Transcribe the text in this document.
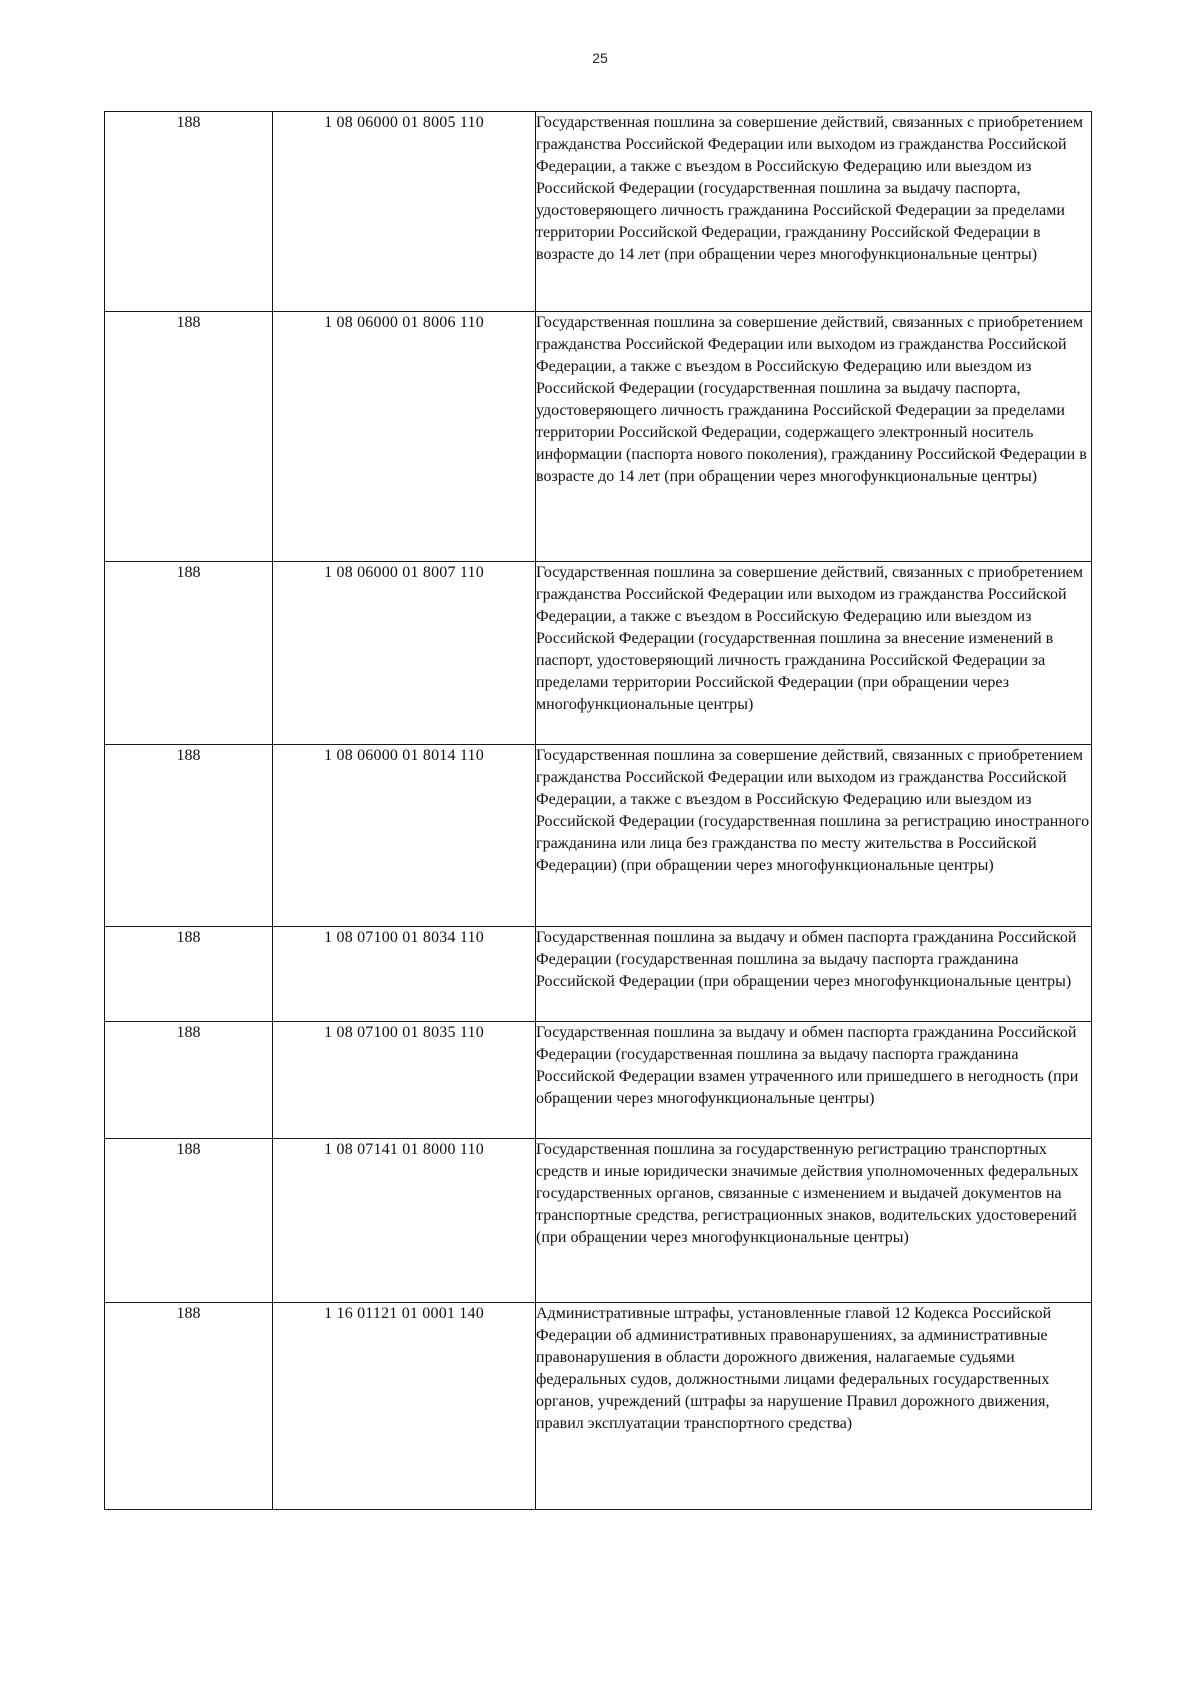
25
188	1 08 06000 01 8005 110	Государственная пошлина за совершение действий, связанных с приобретением гражданства Российской Федерации или выходом из гражданства Российской Федерации, а также с въездом в Российскую Федерацию или выездом из Российской Федерации (государственная пошлина за выдачу паспорта, удостоверяющего личность гражданина Российской Федерации за пределами территории Российской Федерации, гражданину Российской Федерации в возрасте до 14 лет (при обращении через многофункциональные центры)
188	1 08 06000 01 8006 110	Государственная пошлина за совершение действий, связанных с приобретением гражданства Российской Федерации или выходом из гражданства Российской Федерации, а также с въездом в Российскую Федерацию или выездом из Российской Федерации (государственная пошлина за выдачу паспорта, удостоверяющего личность гражданина Российской Федерации за пределами территории Российской Федерации, содержащего электронный носитель информации (паспорта нового поколения), гражданину Российской Федерации в возрасте до 14 лет (при обращении через многофункциональные центры)
188	1 08 06000 01 8007 110	Государственная пошлина за совершение действий, связанных с приобретением гражданства Российской Федерации или выходом из гражданства Российской Федерации, а также с въездом в Российскую Федерацию или выездом из Российской Федерации (государственная пошлина за внесение изменений в паспорт, удостоверяющий личность гражданина Российской Федерации за пределами территории Российской Федерации (при обращении через многофункциональные центры)
188	1 08 06000 01 8014 110	Государственная пошлина за совершение действий, связанных с приобретением гражданства Российской Федерации или выходом из гражданства Российской Федерации, а также с въездом в Российскую Федерацию или выездом из Российской Федерации (государственная пошлина за регистрацию иностранного гражданина или лица без гражданства по месту жительства в Российской Федерации) (при обращении через многофункциональные центры)
188	1 08 07100 01 8034 110	Государственная пошлина за выдачу и обмен паспорта гражданина Российской Федерации (государственная пошлина за выдачу паспорта гражданина Российской Федерации (при обращении через многофункциональные центры)
188	1 08 07100 01 8035 110	Государственная пошлина за выдачу и обмен паспорта гражданина Российской Федерации (государственная пошлина за выдачу паспорта гражданина Российской Федерации взамен утраченного или пришедшего в негодность (при обращении через многофункциональные центры)
188	1 08 07141 01 8000 110	Государственная пошлина за государственную регистрацию транспортных средств и иные юридически значимые действия уполномоченных федеральных государственных органов, связанные с изменением и выдачей документов на транспортные средства, регистрационных знаков, водительских удостоверений (при обращении через многофункциональные центры)
188	1 16 01121 01 0001 140	Административные штрафы, установленные главой 12 Кодекса Российской Федерации об административных правонарушениях, за административные правонарушения в области дорожного движения, налагаемые судьями федеральных судов, должностными лицами федеральных государственных органов, учреждений (штрафы за нарушение Правил дорожного движения, правил эксплуатации транспортного средства)
